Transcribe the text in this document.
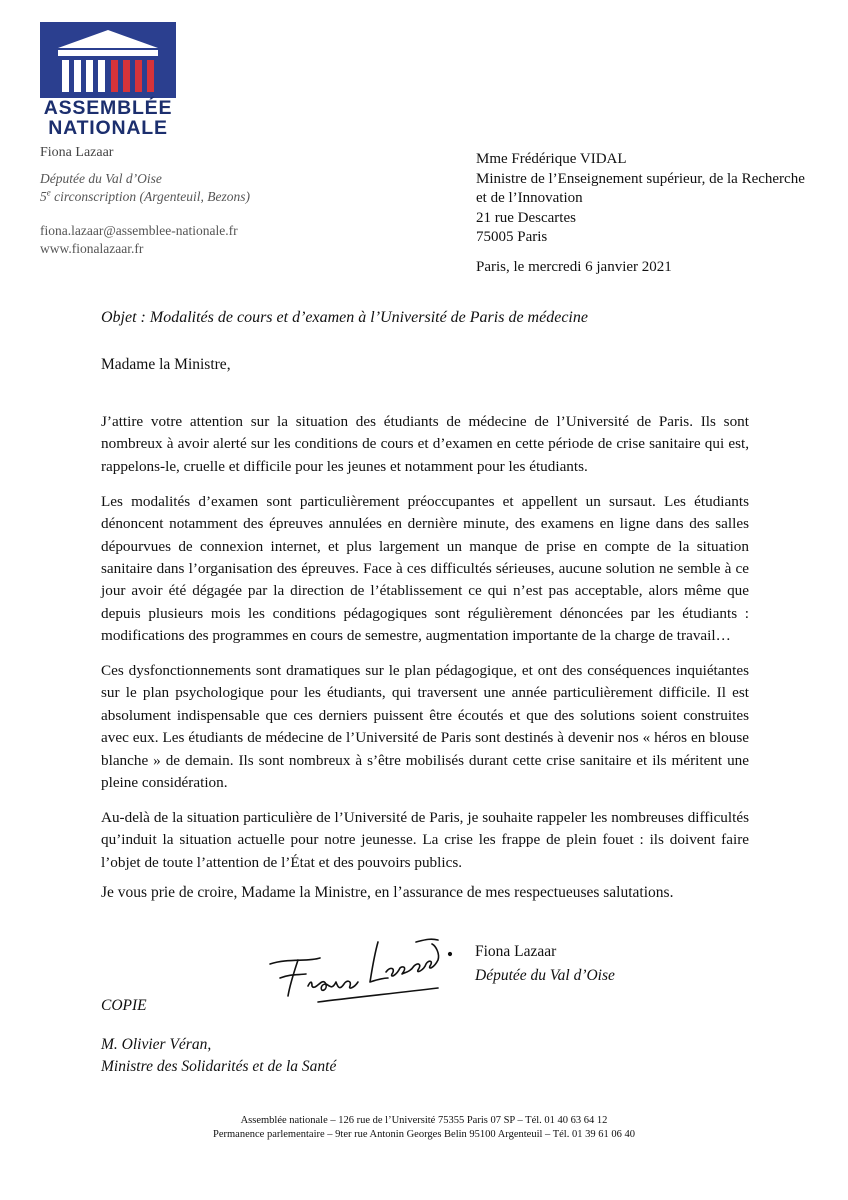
ASSEMBLÉE
NATIONALE
Fiona Lazaar
Députée du Val d’Oise
5e circonscription (Argenteuil, Bezons)
fiona.lazaar@assemblee-nationale.fr
www.fionalazaar.fr
Mme Frédérique VIDAL
Ministre de l’Enseignement supérieur, de la Recherche
et de l’Innovation
21 rue Descartes
75005 Paris
Paris, le mercredi 6 janvier 2021
Objet : Modalités de cours et d’examen à l’Université de Paris de médecine
Madame la Ministre,

J’attire votre attention sur la situation des étudiants de médecine de l’Université de Paris. Ils sont nombreux à avoir alerté sur les conditions de cours et d’examen en cette période de crise sanitaire qui est, rappelons-le, cruelle et difficile pour les jeunes et notamment pour les étudiants.

Les modalités d’examen sont particulièrement préoccupantes et appellent un sursaut. Les étudiants dénoncent notamment des épreuves annulées en dernière minute, des examens en ligne dans des salles dépourvues de connexion internet, et plus largement un manque de prise en compte de la situation sanitaire dans l’organisation des épreuves. Face à ces difficultés sérieuses, aucune solution ne semble à ce jour avoir été dégagée par la direction de l’établissement ce qui n’est pas acceptable, alors même que depuis plusieurs mois les conditions pédagogiques sont régulièrement dénoncées par les étudiants : modifications des programmes en cours de semestre, augmentation importante de la charge de travail…

Ces dysfonctionnements sont dramatiques sur le plan pédagogique, et ont des conséquences inquiétantes sur le plan psychologique pour les étudiants, qui traversent une année particulièrement difficile. Il est absolument indispensable que ces derniers puissent être écoutés et que des solutions soient construites avec eux. Les étudiants de médecine de l’Université de Paris sont destinés à devenir nos « héros en blouse blanche » de demain. Ils sont nombreux à s’être mobilisés durant cette crise sanitaire et ils méritent une pleine considération.

Au-delà de la situation particulière de l’Université de Paris, je souhaite rappeler les nombreuses difficultés qu’induit la situation actuelle pour notre jeunesse. La crise les frappe de plein fouet : ils doivent faire l’objet de toute l’attention de l’État et des pouvoirs publics.

Je vous prie de croire, Madame la Ministre, en l’assurance de mes respectueuses salutations.
Fiona Lazaar
Députée du Val d’Oise
COPIE
M. Olivier Véran,
Ministre des Solidarités et de la Santé
Assemblée nationale – 126 rue de l’Université 75355 Paris 07 SP – Tél. 01 40 63 64 12
Permanence parlementaire – 9ter rue Antonin Georges Belin 95100 Argenteuil – Tél. 01 39 61 06 40
